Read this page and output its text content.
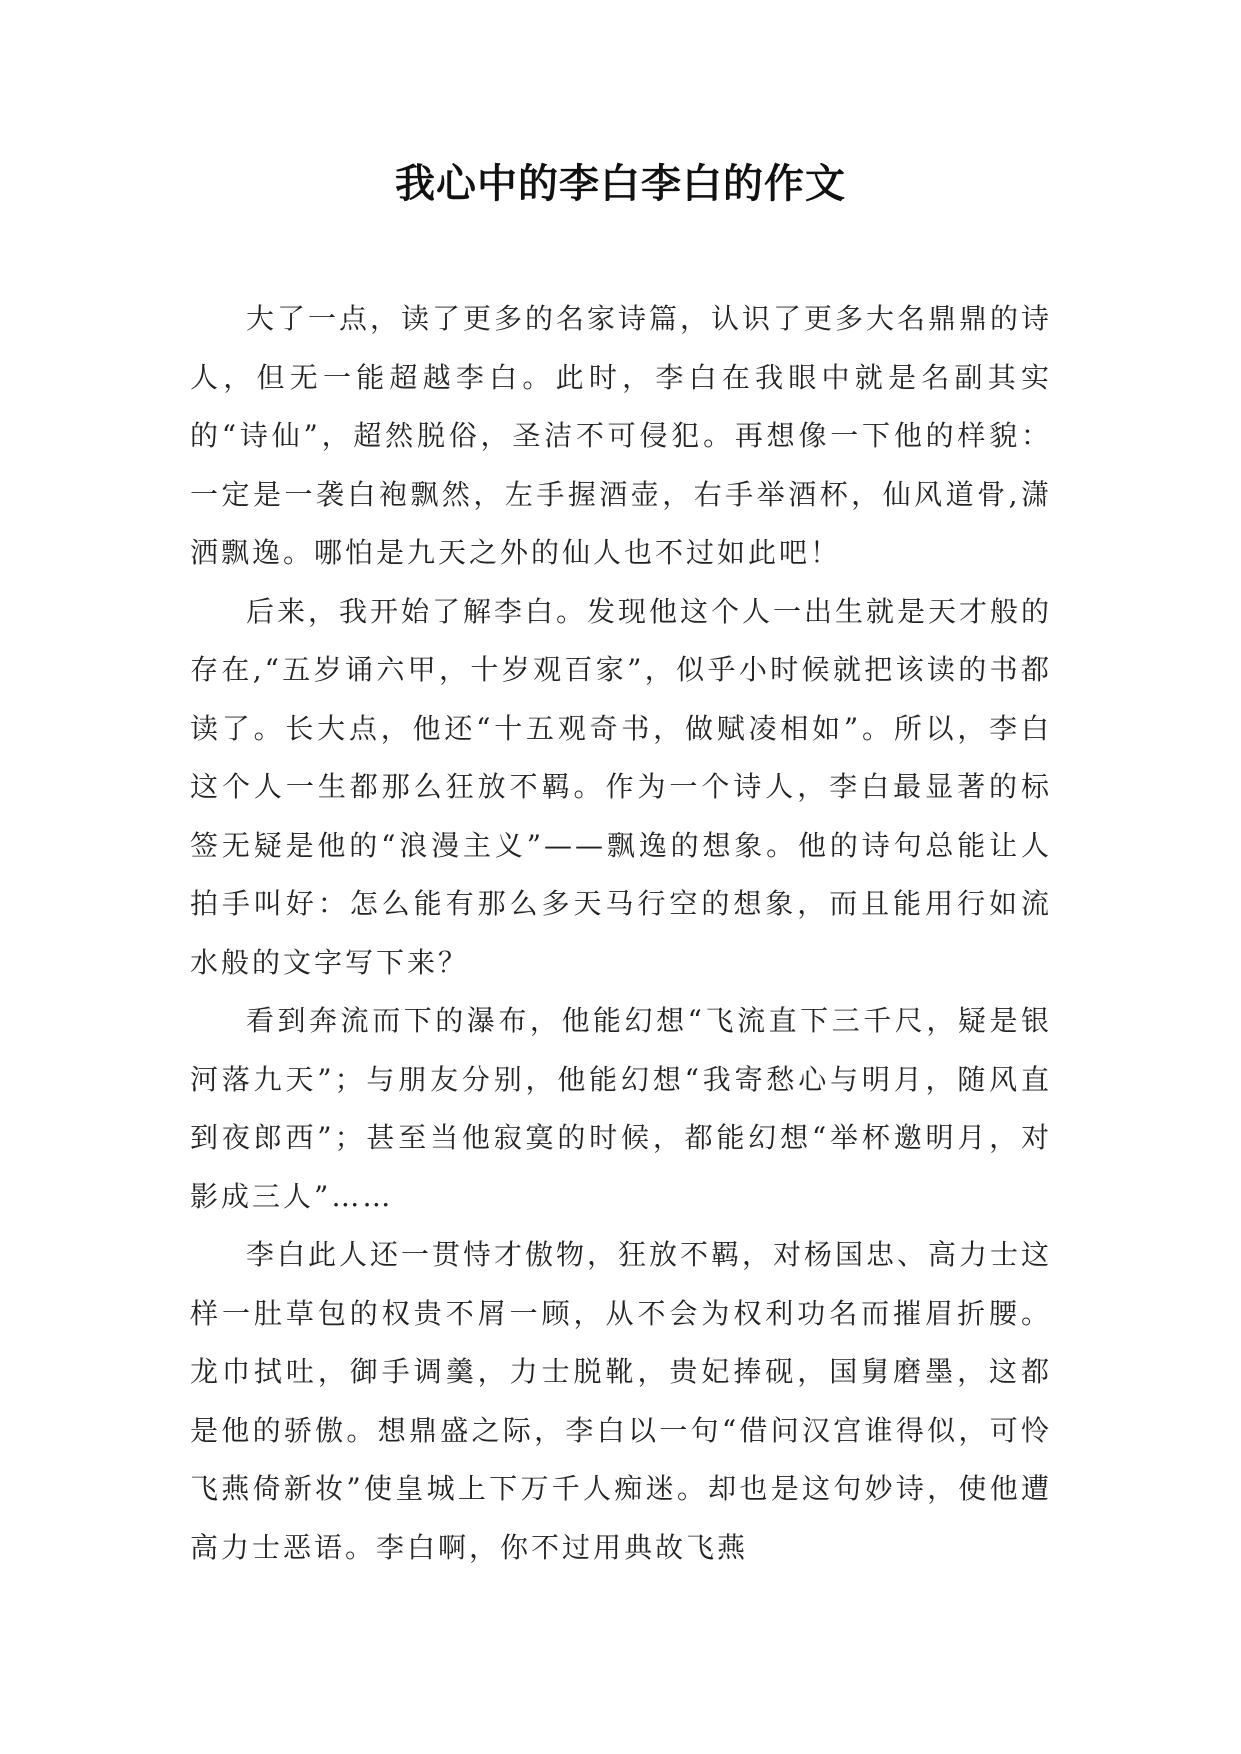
我心中的李白李白的作文

大了一点，读了更多的名家诗篇，认识了更多大名鼎鼎的诗人，但无一能超越李白。此时，李白在我眼中就是名副其实的“诗仙”，超然脱俗，圣洁不可侵犯。再想像一下他的样貌：一定是一袭白袍飘然，左手握酒壶，右手举酒杯，仙风道骨,潇洒飘逸。哪怕是九天之外的仙人也不过如此吧！

后来，我开始了解李白。发现他这个人一出生就是天才般的存在,“五岁诵六甲，十岁观百家”，似乎小时候就把该读的书都读了。长大点，他还“十五观奇书，做赋凌相如”。所以，李白这个人一生都那么狂放不羁。作为一个诗人，李白最显著的标签无疑是他的“浪漫主义”——飘逸的想象。他的诗句总能让人拍手叫好：怎么能有那么多天马行空的想象，而且能用行如流水般的文字写下来？

看到奔流而下的瀑布，他能幻想“飞流直下三千尺，疑是银河落九天”；与朋友分别，他能幻想“我寄愁心与明月，随风直到夜郎西”；甚至当他寂寞的时候，都能幻想“举杯邀明月，对影成三人”……

李白此人还一贯恃才傲物，狂放不羁，对杨国忠、高力士这样一肚草包的权贵不屑一顾，从不会为权利功名而摧眉折腰。龙巾拭吐，御手调羹，力士脱靴，贵妃捧砚，国舅磨墨，这都是他的骄傲。想鼎盛之际，李白以一句“借问汉宫谁得似，可怜飞燕倚新妆”使皇城上下万千人痴迷。却也是这句妙诗，使他遭高力士恶语。李白啊，你不过用典故飞燕
